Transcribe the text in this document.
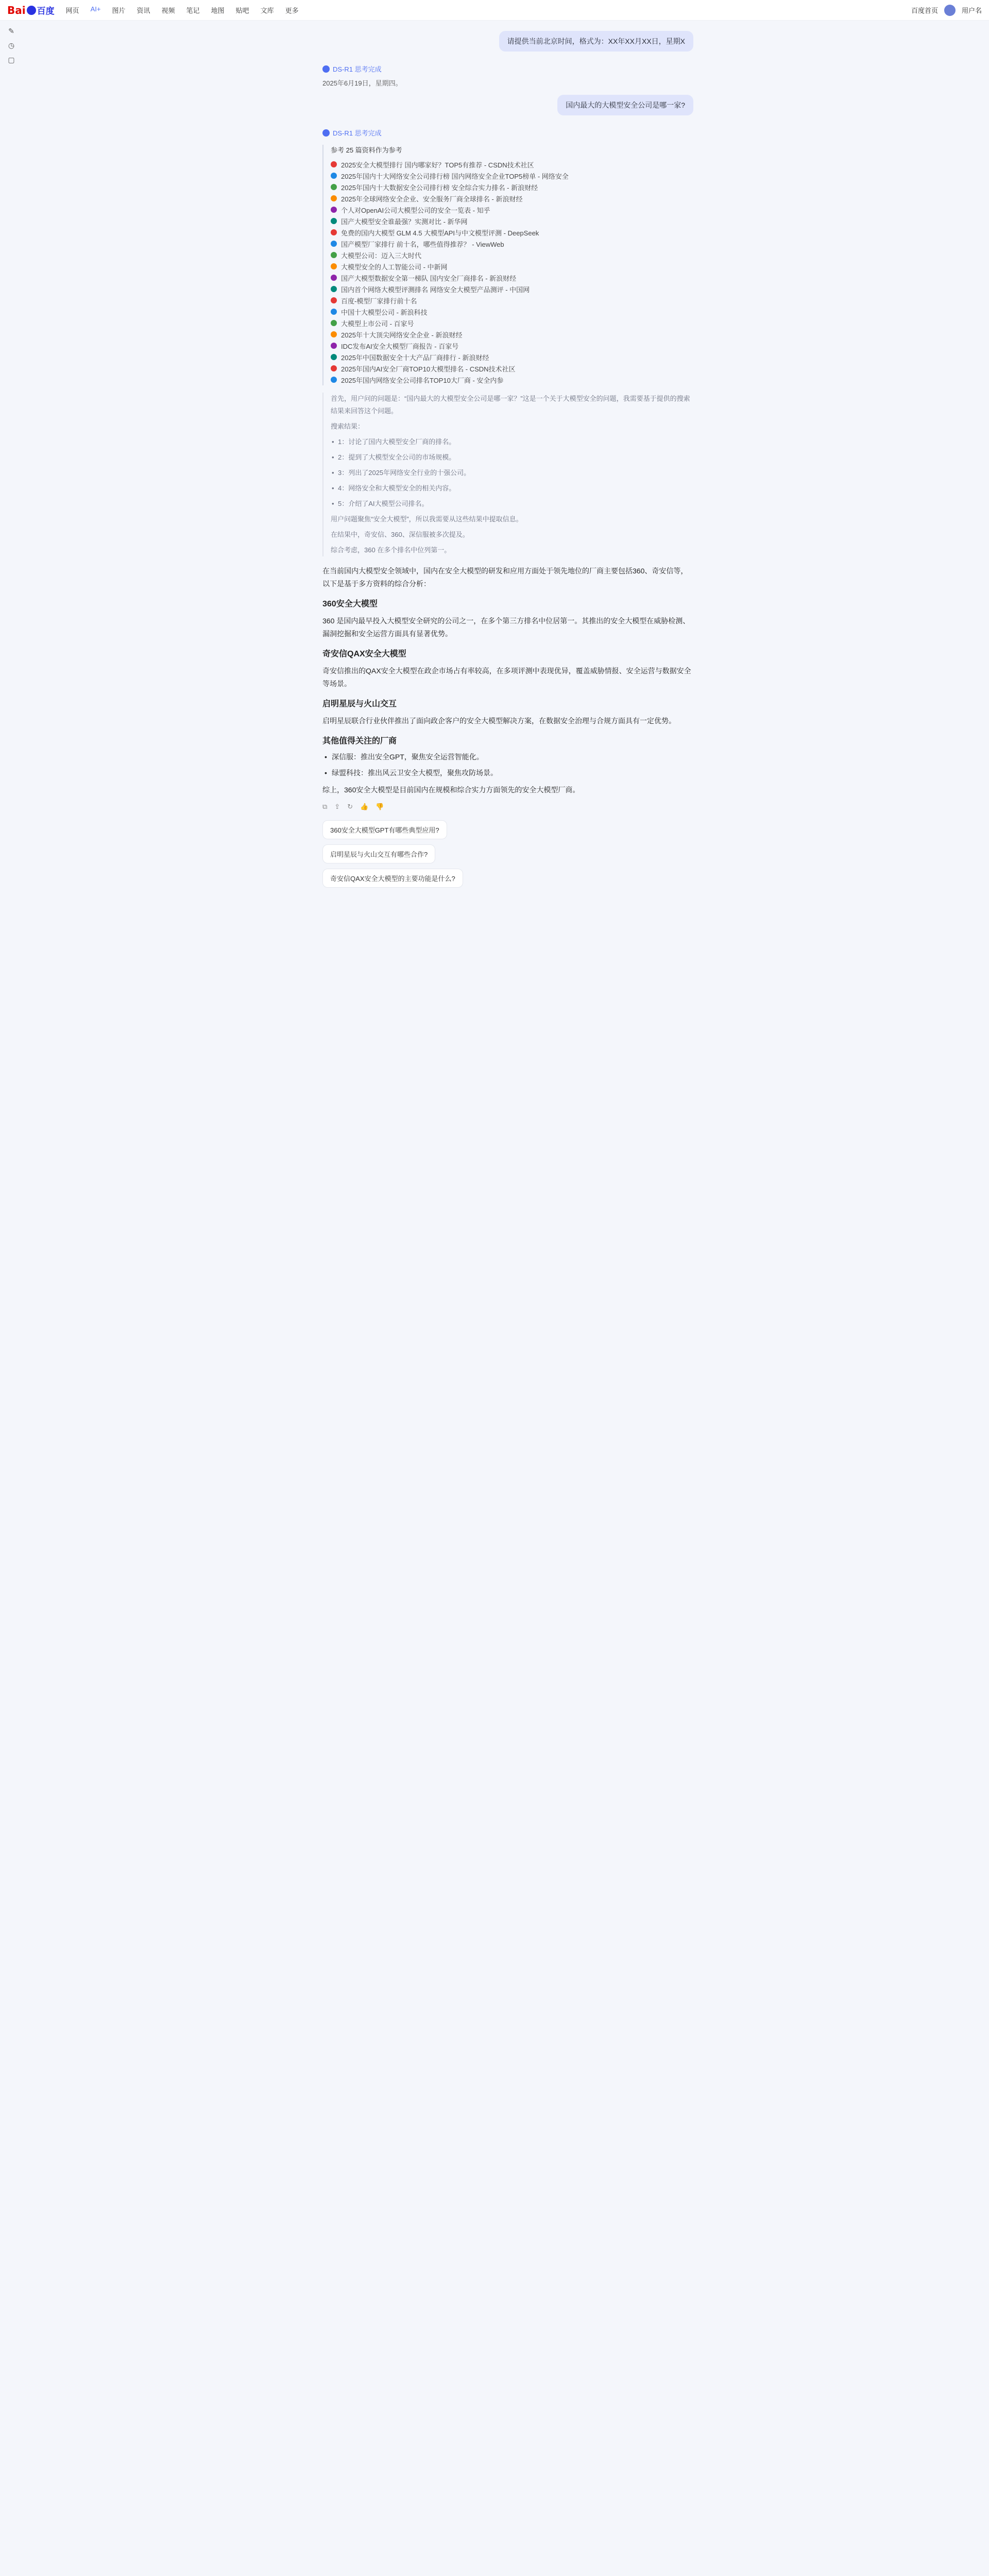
Bai 百度 网页 AI+ 图片 资讯 视频 笔记 地图 贴吧 文库 更多	百度首页	用户名
✎
◷
▢
请提供当前北京时间，格式为：XX年XX月XX日，星期X
DS-R1 思考完成
2025年6月19日，星期四。
国内最大的大模型安全公司是哪一家?
DS-R1 思考完成
参考 25 篇资料作为参考
2025安全大模型排行 国内哪家好？TOP5有推荐 - CSDN技术社区
2025年国内十大网络安全公司排行榜 国内网络安全企业TOP5榜单 - 网络安全
2025年国内十大数据安全公司排行榜 安全综合实力排名 - 新浪财经
2025年全球网络安全企业、安全服务厂商全球排名 - 新浪财经
个人对OpenAI公司大模型公司的安全一览表 - 知乎
国产大模型安全谁最强？实测对比 - 新华网
免费的国内大模型 GLM 4.5 大模型API与中文模型评测 - DeepSeek
国产模型厂家排行 前十名，哪些值得推荐？ - ViewWeb
大模型公司：迈入三大时代
大模型安全的人工智能公司 - 中新网
国产大模型数据安全第一梯队 国内安全厂商排名 - 新浪财经
国内首个网络大模型评测排名 网络安全大模型产品测评 - 中国网
百度-模型厂家排行前十名
中国十大模型公司 - 新浪科技
大模型上市公司 - 百家号
2025年十大顶尖网络安全企业 - 新浪财经
IDC发布AI安全大模型厂商报告 - 百家号
2025年中国数据安全十大产品厂商排行 - 新浪财经
2025年国内AI安全厂商TOP10大模型排名 - CSDN技术社区
2025年国内网络安全公司排名TOP10大厂商 - 安全内参

首先，用户问的问题是：“国内最大的大模型安全公司是哪一家？”这是一个关于大模型安全的问题，我需要基于提供的搜索结果来回答这个问题。

搜索结果：

• 1：讨论了国内大模型安全厂商的排名。

• 2：提到了大模型安全公司的市场规模。

• 3：列出了2025年网络安全行业的十强公司。

• 4：网络安全和大模型安全的相关内容。

• 5：介绍了AI大模型公司排名。

用户问题聚焦“安全大模型”，所以我需要从这些结果中提取信息。

在结果中，奇安信、360、深信服被多次提及。

综合考虑，360 在多个排名中位列第一。

在当前国内大模型安全领域中，国内在安全大模型的研发和应用方面处于领先地位的厂商主要包括360、奇安信等，以下是基于多方资料的综合分析：

360安全大模型

360 是国内最早投入大模型安全研究的公司之一，在多个第三方排名中位居第一。其推出的安全大模型在威胁检测、漏洞挖掘和安全运营方面具有显著优势。

奇安信QAX安全大模型

奇安信推出的QAX安全大模型在政企市场占有率较高，在多项评测中表现优异，覆盖威胁情报、安全运营与数据安全等场景。

启明星辰与火山交互

启明星辰联合行业伙伴推出了面向政企客户的安全大模型解决方案，在数据安全治理与合规方面具有一定优势。

其他值得关注的厂商

• 深信服：推出安全GPT，聚焦安全运营智能化。

• 绿盟科技：推出风云卫安全大模型，聚焦攻防场景。

综上，360安全大模型是目前国内在规模和综合实力方面领先的安全大模型厂商。

⧉ ⇪ ↻ 👍 👎
360安全大模型GPT有哪些典型应用?
启明星辰与火山交互有哪些合作?
奇安信QAX安全大模型的主要功能是什么?
